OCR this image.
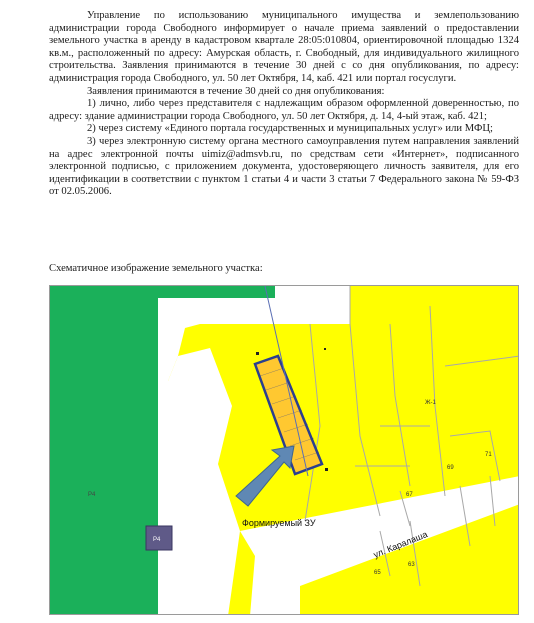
Управление по использованию муниципального имущества и землепользованию администрации города Свободного информирует о начале приема заявлений о предоставлении земельного участка в аренду в кадастровом квартале 28:05:010804, ориентировочной площадью 1324 кв.м., расположенный по адресу: Амурская область, г. Свободный, для индивидуального жилищного строительства. Заявления принимаются в течение 30 дней с со дня опубликования, по адресу: администрация города Свободного, ул. 50 лет Октября, 14, каб. 421 или портал госуслуги.

Заявления принимаются в течение 30 дней со дня опубликования:

1) лично, либо через представителя с надлежащим образом оформленной доверенностью, по адресу: здание администрации города Свободного, ул. 50 лет Октября, д. 14, 4-ый этаж, каб. 421;

2) через систему «Единого портала государственных и муниципальных услуг» или МФЦ;

3) через электронную систему органа местного самоуправления путем направления заявлений на адрес электронной почты uimiz@admsvb.ru, по средствам сети «Интернет», подписанного электронной подписью, с приложением документа, удостоверяющего личность заявителя, для его идентификации в соответствии с пунктом 1 статьи 4 и части 3 статьи 7 Федерального закона № 59-ФЗ от 02.05.2006.

Схематичное изображение земельного участка:
Р4
Р4
Формируемый ЗУ
ул. Каралаша
Ж-1
69
71
67
65
63
